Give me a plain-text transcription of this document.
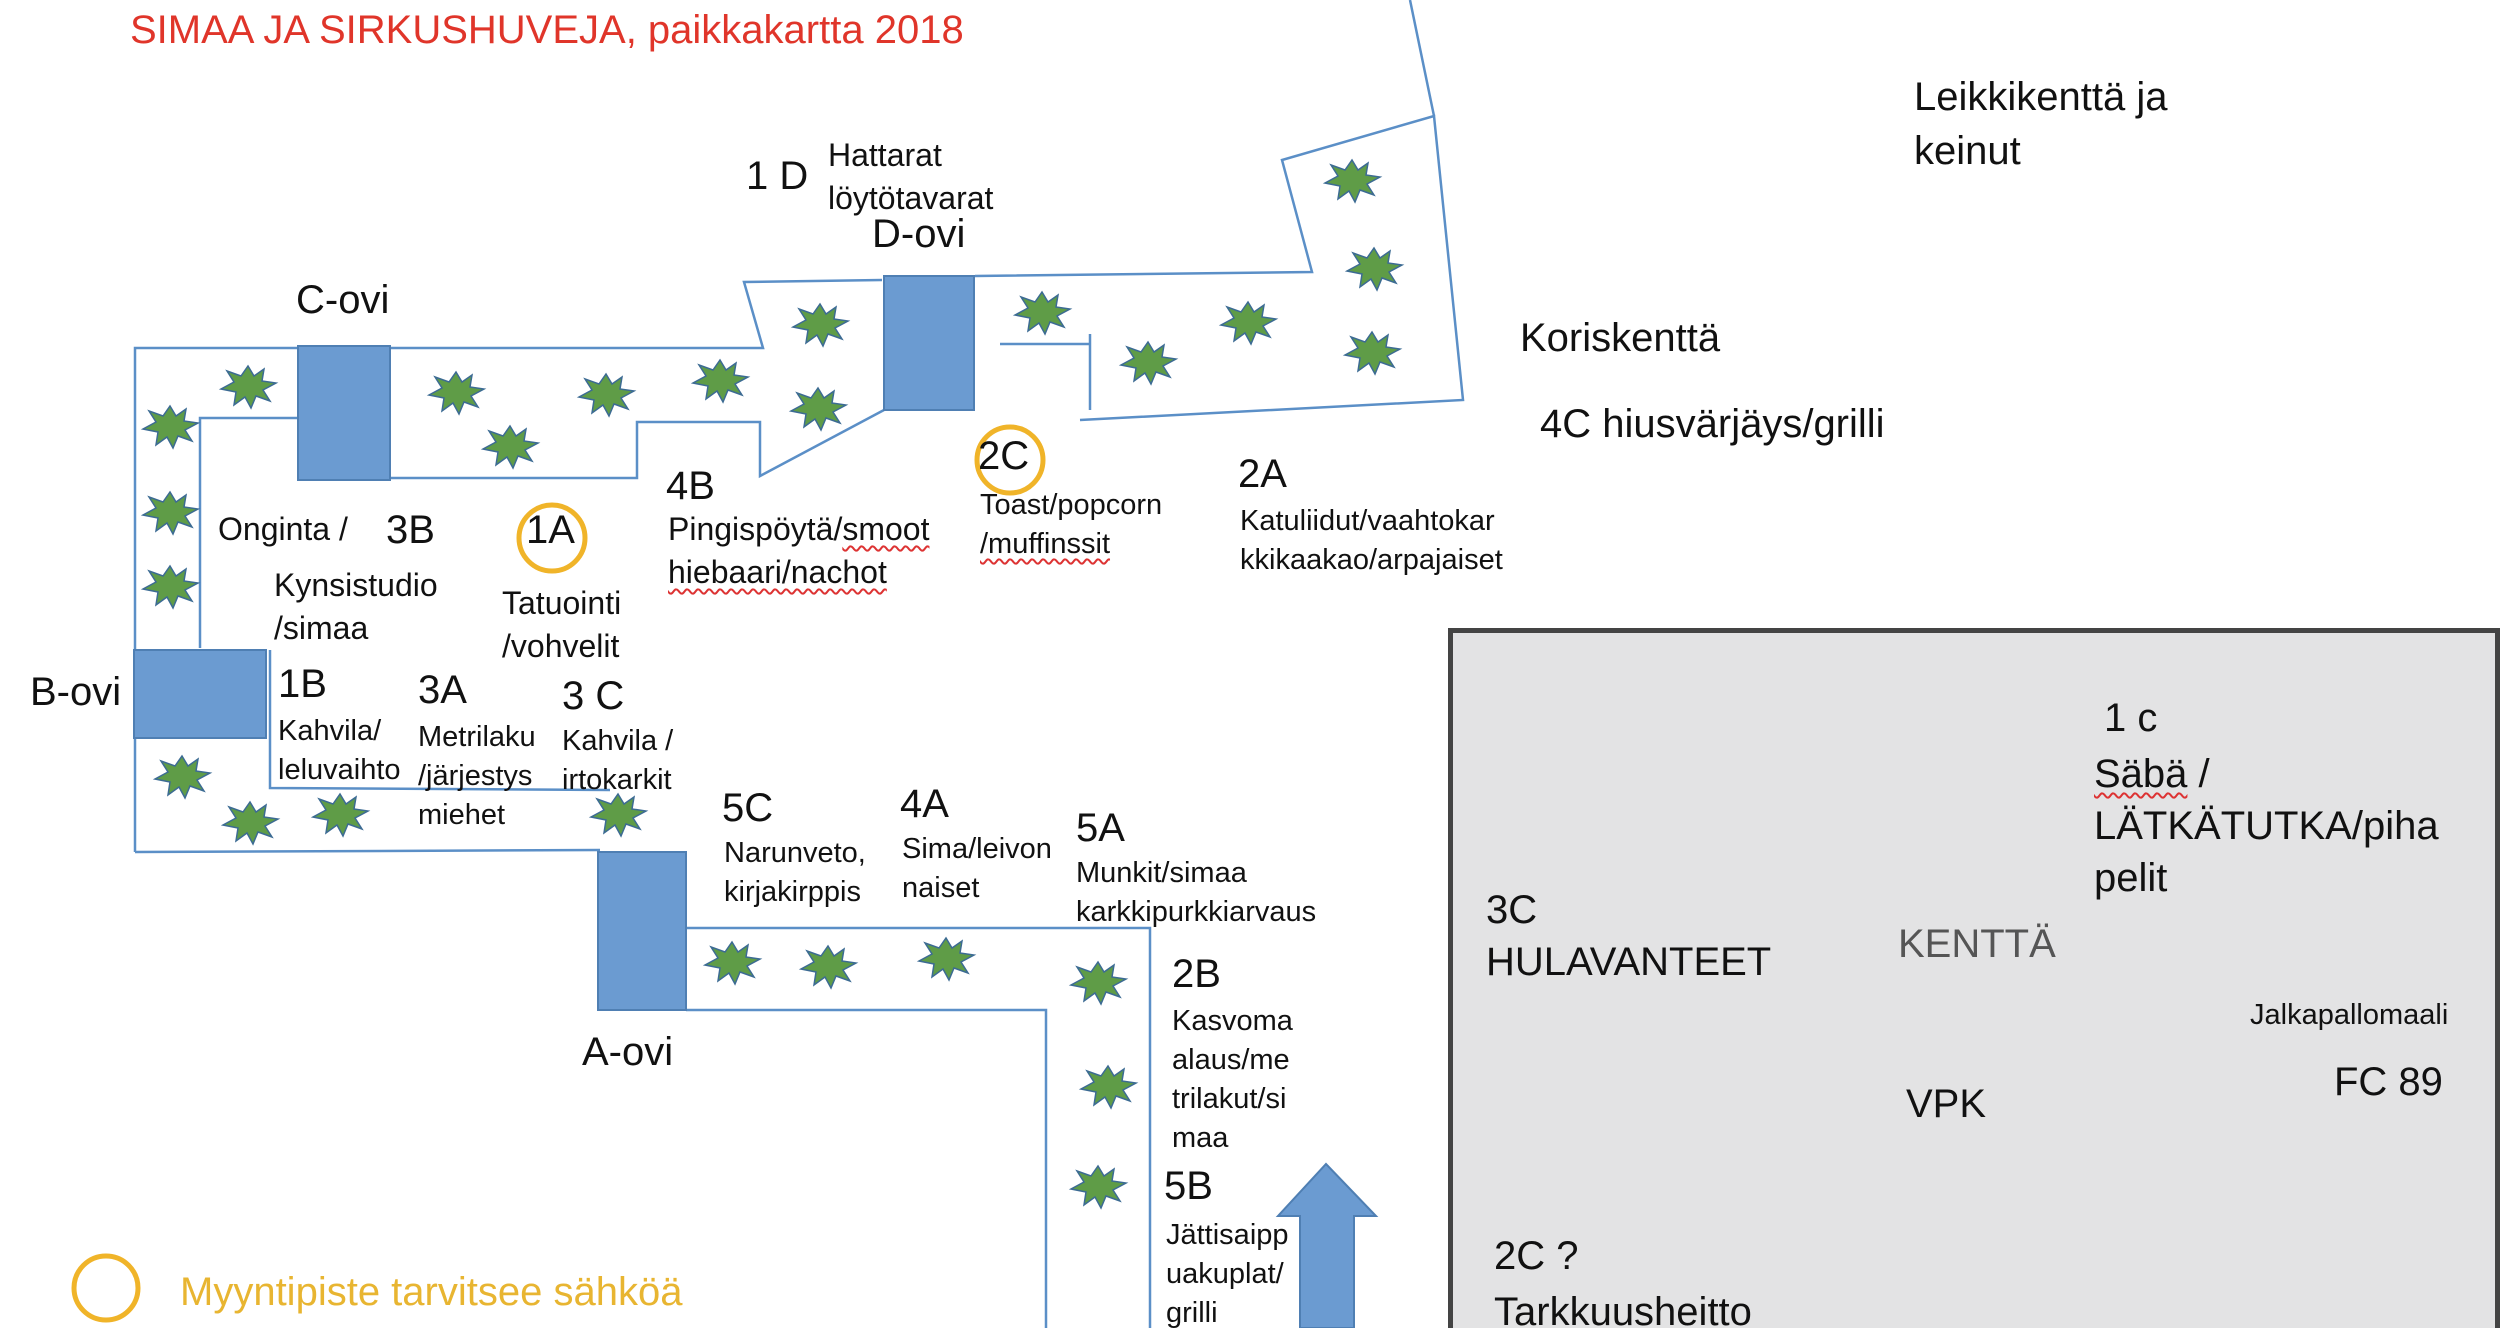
SIMAA JA SIRKUSHUVEJA, paikkakartta 2018
C-ovi
D-ovi
B-ovi
A-ovi
1 D Hattarat
löytötavarat
Onginta / 3B 1A
Tatuointi
/vohvelit
Kynsistudio
/simaa
4B
Pingispöytä/smoot
hiebaari/nachot
2C
Toast/popcorn
/muffinssit
2A
Katuliidut/vaahtokar
kkikaakao/arpajaiset
1B
Kahvila/
leluvaihto
3A
Metrilaku
/järjestys
miehet
3 C
Kahvila /
irtokarkit
5C
Narunveto,
kirjakirppis
4A
Sima/leivon
naiset
5A
Munkit/simaa
karkkipurkkiarvaus
2B
Kasvoma
alaus/me
trilakut/si
maa
5B
Jättisaipp
uakuplat/
grilli
Leikkikenttä ja
keinut
Koriskenttä
4C hiusvärjäys/grilli
1 c
Säbä /
LÄTKÄTUTKA/piha
pelit
3C
HULAVANTEET	KENTTÄ
Jalkapallomaali
FC 89
VPK
2C ?
Tarkkuusheitto
Myyntipiste tarvitsee sähköä
